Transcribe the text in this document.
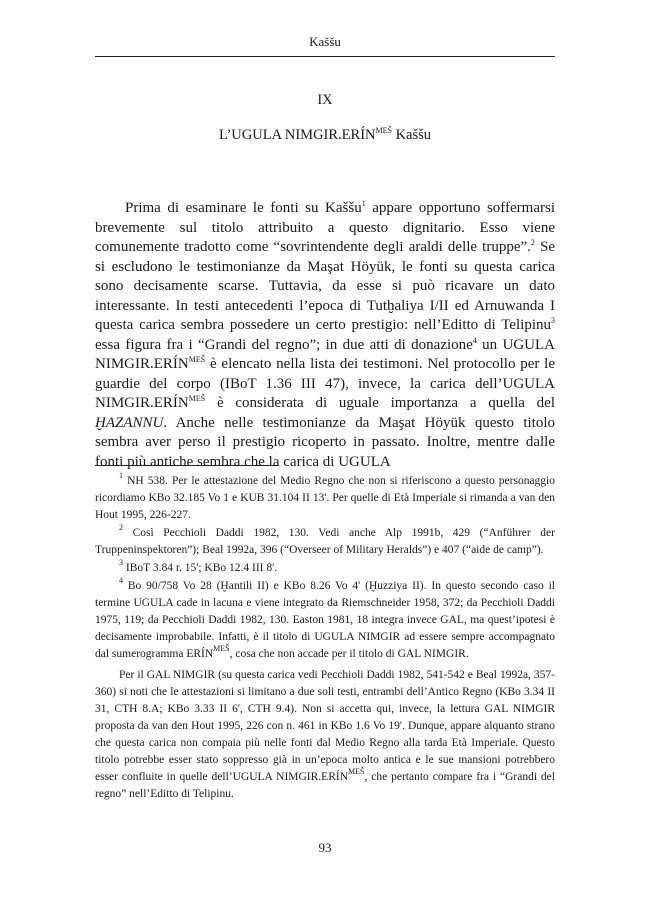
Kaššu
IX
L’UGULA $NIMGIR.ERÍN^{MEŠ}$ Kaššu

Prima di esaminare le fonti su Kaššu$^1$ appare opportuno soffermarsi brevemente sul titolo attribuito a questo dignitario. Esso viene comunemente tradotto come “sovrintendente degli araldi delle truppe”.$^2$ Se si escludono le testimonianze da Maşat Höyük, le fonti su questa carica sono decisamente scarse. Tuttavia, da esse si può ricavare un dato interessante. In testi antecedenti l’epoca di Tutḫaliya I/II ed Arnuwanda I questa carica sembra possedere un certo prestigio: nell’Editto di Telipinu$^3$ essa figura fra i “Grandi del regno”; in due atti di donazione$^4$ un UGULA $NIMGIR.ERÍN^{MEŠ}$ è elencato nella lista dei testimoni. Nel protocollo per le guardie del corpo (IBoT 1.36 III 47), invece, la carica dell’UGULA $NIMGIR.ERÍN^{MEŠ}$ è considerata di uguale importanza a quella del ḪAZANNU. Anche nelle testimonianze da Maşat Höyük questo titolo sembra aver perso il prestigio ricoperto in passato. Inoltre, mentre dalle fonti più antiche sembra che la carica di UGULA

$^1$ NH 538. Per le attestazione del Medio Regno che non si riferiscono a questo personaggio ricordiamo KBo 32.185 Vo 1 e KUB 31.104 II 13'. Per quelle di Età Imperiale si rimanda a van den Hout 1995, 226-227.

$^2$ Così Pecchioli Daddi 1982, 130. Vedi anche Alp 1991b, 429 (“Anführer der Truppeninspektoren”); Beal 1992a, 396 (“Overseer of Military Heralds”) e 407 (“aide de camp”).

$^3$ IBoT 3.84 r. 15'; KBo 12.4 III 8'.

$^4$ Bo 90/758 Vo 28 (Ḫantili II) e KBo 8.26 Vo 4' (Ḫuzziya II). In questo secondo caso il termine UGULA cade in lacuna e viene integrato da Riemschneider 1958, 372; da Pecchioli Daddi 1975, 119; da Pecchioli Daddi 1982, 130. Easton 1981, 18 integra invece GAL, ma quest’ipotesi è decisamente improbabile. Infatti, è il titolo di UGULA NIMGIR ad essere sempre accompagnato dal sumerogramma $ERÍN^{MEŠ}$, cosa che non accade per il titolo di GAL NIMGIR.

Per il GAL NIMGIR (su questa carica vedi Pecchioli Daddi 1982, 541-542 e Beal 1992a, 357-360) si noti che le attestazioni si limitano a due soli testi, entrambi dell’Antico Regno (KBo 3.34 II 31, CTH 8.A; KBo 3.33 II 6', CTH 9.4). Non si accetta qui, invece, la lettura GAL NIMGIR proposta da van den Hout 1995, 226 con n. 461 in KBo 1.6 Vo 19'. Dunque, appare alquanto strano che questa carica non compaia più nelle fonti dal Medio Regno alla tarda Età Imperiale. Questo titolo potrebbe esser stato soppresso già in un’epoca molto antica e le sue mansioni potrebbero esser confluite in quelle dell’UGULA $NIMGIR.ERÍN^{MEŠ}$, che pertanto compare fra i “Grandi del regno” nell’Editto di Telipinu.

93
